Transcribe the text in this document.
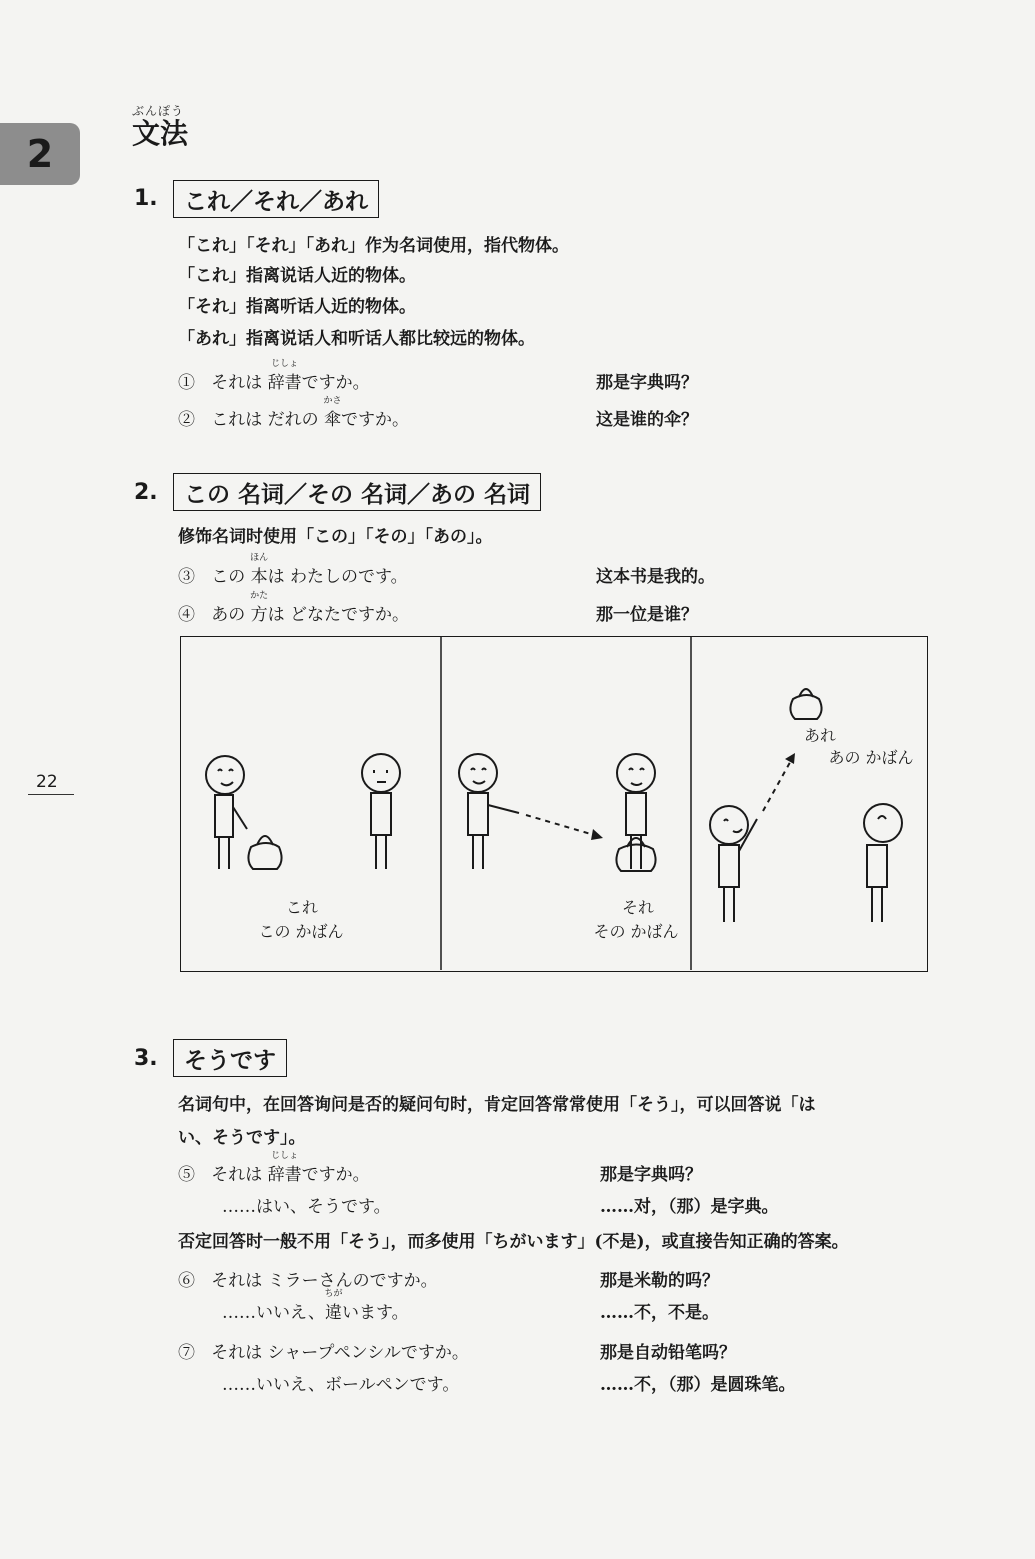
2
ぶんぽう
文法
22
1.	これ／それ／あれ
「これ」「それ」「あれ」作为名词使用，指代物体。
「これ」指离说话人近的物体。
「それ」指离听话人近的物体。
「あれ」指离说话人和听话人都比较远的物体。
① それは
じしょ
辞書ですか。	那是字典吗？
② これは だれの
かさ
傘ですか。	这是谁的伞？
2.	この 名词／その 名词／あの 名词
修饰名词时使用「この」「その」「あの」。
③ この
ほん
本は わたしのです。	这本书是我的。
④ あの
かた
方は どなたですか。	那一位是谁？
これ
この かばん
それ
その かばん
あれ
あの かばん
3.	そうです
名词句中，在回答询问是否的疑问句时，肯定回答常常使用「そう」，可以回答说「は
い、そうです」。
⑤ それは
じしょ
辞書ですか。	那是字典吗？
……はい、そうです。	……对，（那）是字典。
否定回答时一般不用「そう」，而多使用「ちがいます」(不是)，或直接告知正确的答案。
⑥ それは ミラーさんのですか。	那是米勒的吗？
……いいえ、
ちが
違います。	……不，不是。
⑦ それは シャープペンシルですか。	那是自动铅笔吗？
……いいえ、ボールペンです。	……不，（那）是圆珠笔。
